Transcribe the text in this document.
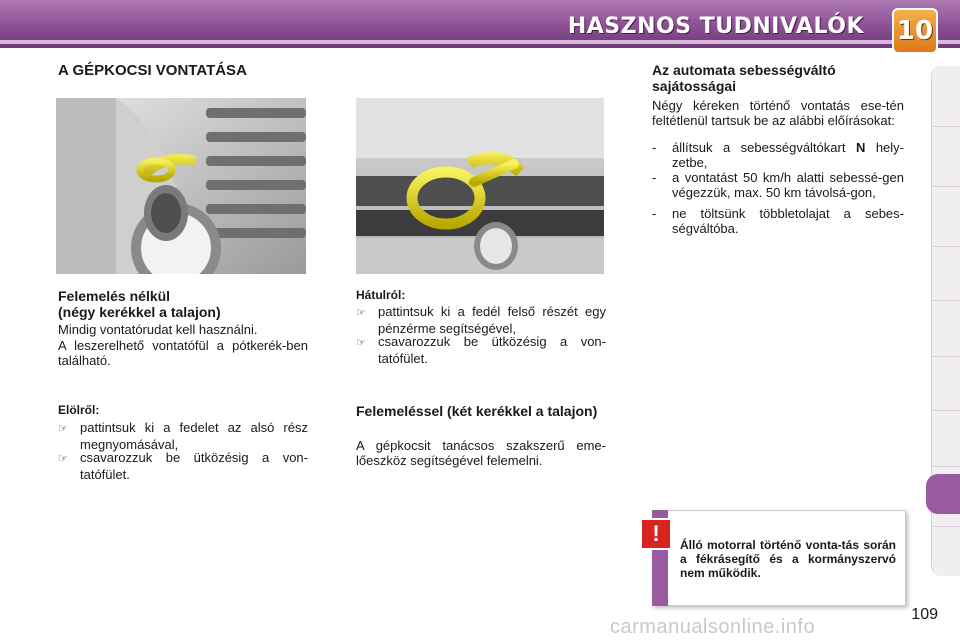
HASZNOS TUDNIVALÓK 10
A GÉPKOCSI VONTATÁSA
Felemelés nélkül
(négy kerékkel a talajon)
Mindig vontatórudat kell használni.
A leszerelhető vontatófül a pótkerék-ben található.
Elölről:
☞ pattintsuk ki a fedelet az alsó rész megnyomásával,
☞ csavarozzuk be ütközésig a von-tatófület.
Hátulról:
☞ pattintsuk ki a fedél felső részét egy pénzérme segítségével,
☞ csavarozzuk be ütközésig a von-tatófület.
Felemeléssel (két kerékkel a talajon)
A gépkocsit tanácsos szakszerű eme-lőeszköz segítségével felemelni.
Az automata sebességváltó sajátosságai
Négy kéreken történő vontatás ese-tén feltétlenül tartsuk be az alábbi előírásokat:
- állítsuk a sebességváltókart N hely-zetbe,
- a vontatást 50 km/h alatti sebessé-gen végezzük, max. 50 km távolsá-gon,
- ne töltsünk többletolajat a sebes-ségváltóba.
!	Álló motorral történő vonta-tás során a fékrásegítő és a kormányszervó nem működik.
109
carmanualsonline.info
